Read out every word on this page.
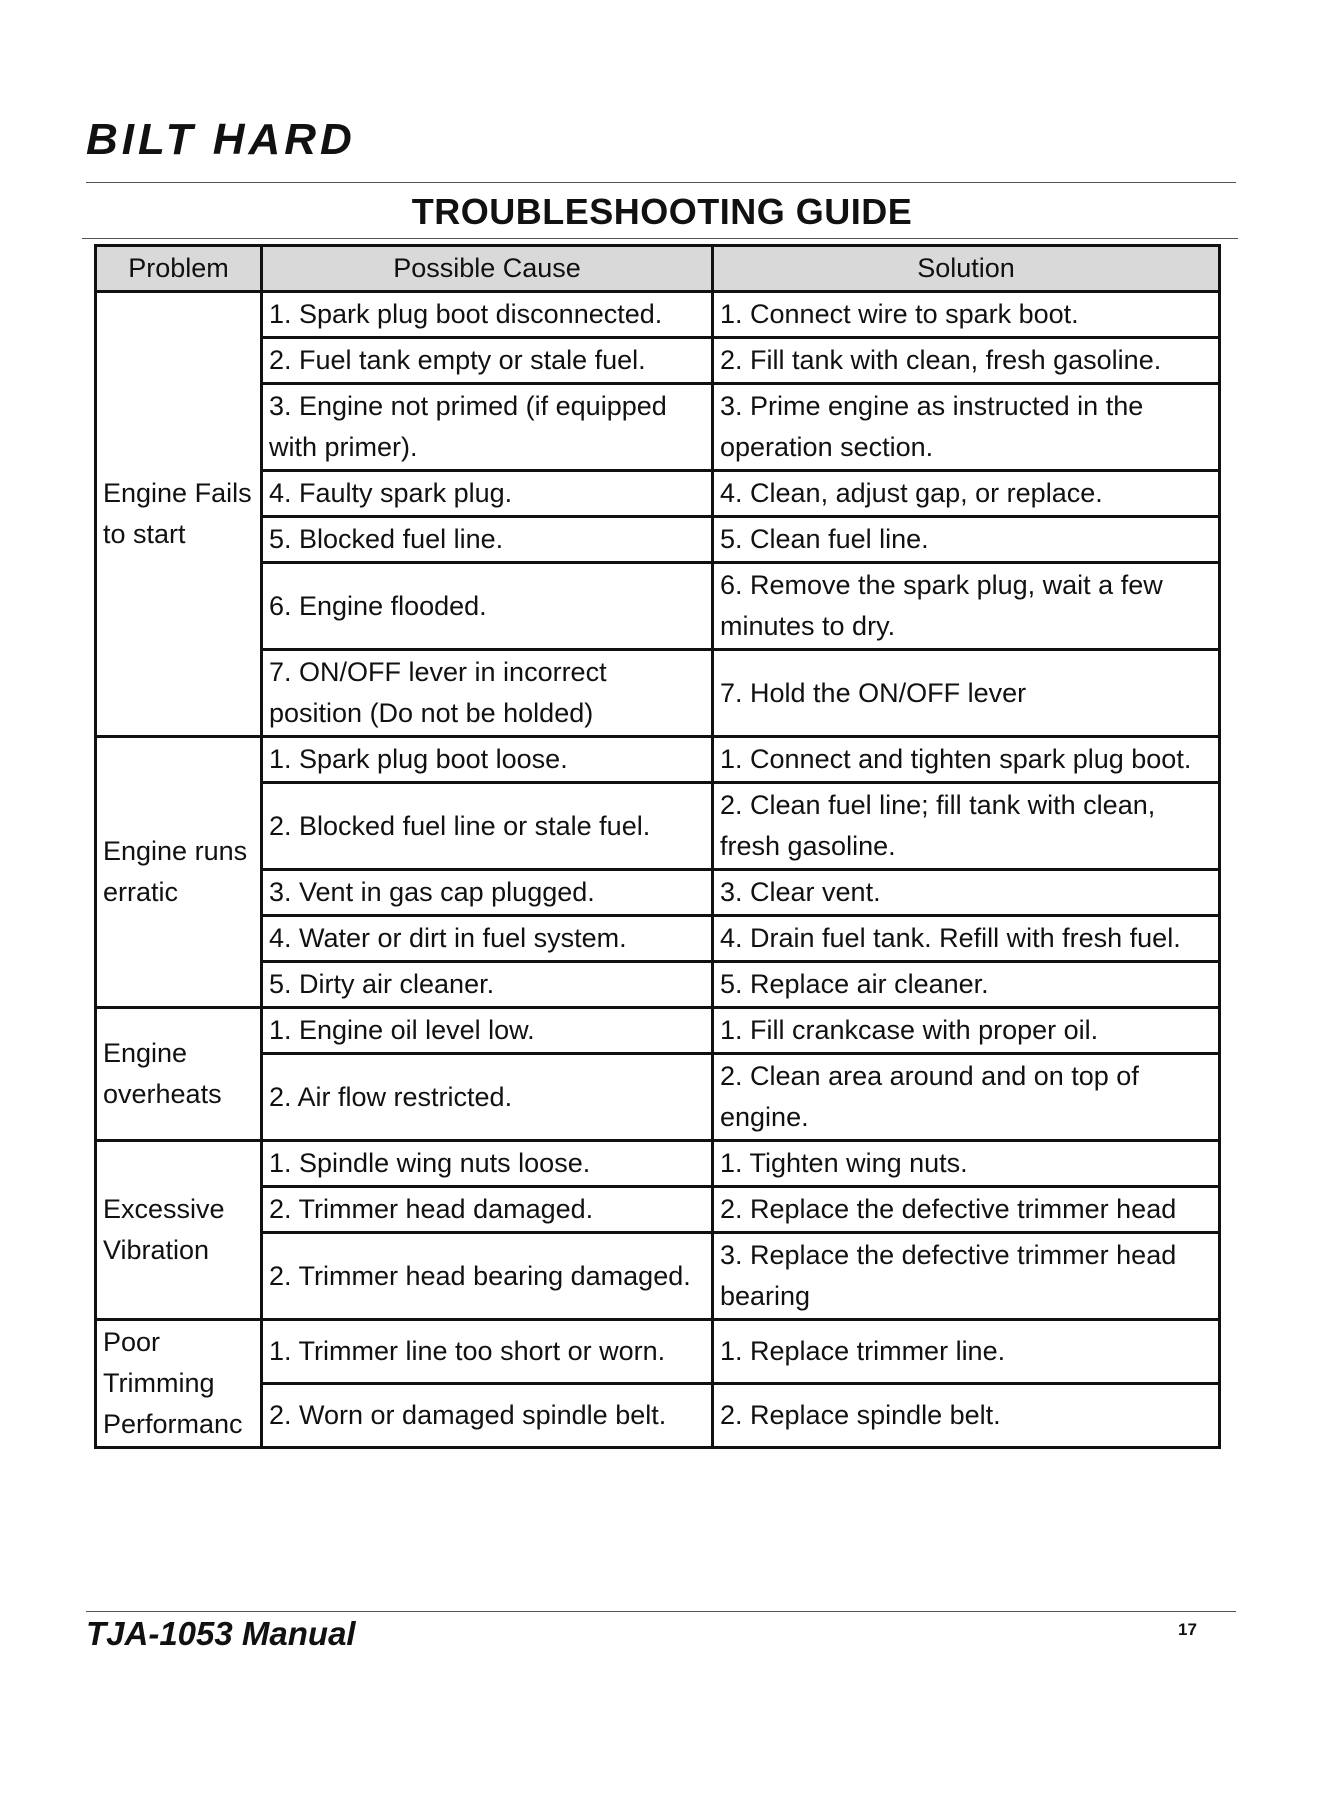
BILT HARD
TROUBLESHOOTING GUIDE
Problem	Possible Cause	Solution
Engine Fails to start	1. Spark plug boot disconnected.	1. Connect wire to spark boot.
	2. Fuel tank empty or stale fuel.	2. Fill tank with clean, fresh gasoline.
	3. Engine not primed (if equipped with primer).	3. Prime engine as instructed in the operation section.
	4. Faulty spark plug.	4. Clean, adjust gap, or replace.
	5. Blocked fuel line.	5. Clean fuel line.
	6. Engine flooded.	6. Remove the spark plug, wait a few minutes to dry.
	7. ON/OFF lever in incorrect position (Do not be holded)	7. Hold the ON/OFF lever
Engine runs erratic	1. Spark plug boot loose.	1. Connect and tighten spark plug boot.
	2. Blocked fuel line or stale fuel.	2. Clean fuel line; fill tank with clean, fresh gasoline.
	3. Vent in gas cap plugged.	3. Clear vent.
	4. Water or dirt in fuel system.	4. Drain fuel tank. Refill with fresh fuel.
	5. Dirty air cleaner.	5. Replace air cleaner.
Engine overheats	1. Engine oil level low.	1. Fill crankcase with proper oil.
	2. Air flow restricted.	2. Clean area around and on top of engine.
Excessive Vibration	1. Spindle wing nuts loose.	1. Tighten wing nuts.
	2. Trimmer head damaged.	2. Replace the defective trimmer head
	2. Trimmer head bearing damaged.	3. Replace the defective trimmer head bearing
Poor Trimming Performanc	1. Trimmer line too short or worn.	1. Replace trimmer line.
	2. Worn or damaged spindle belt.	2. Replace spindle belt.
TJA-1053 Manual	17
